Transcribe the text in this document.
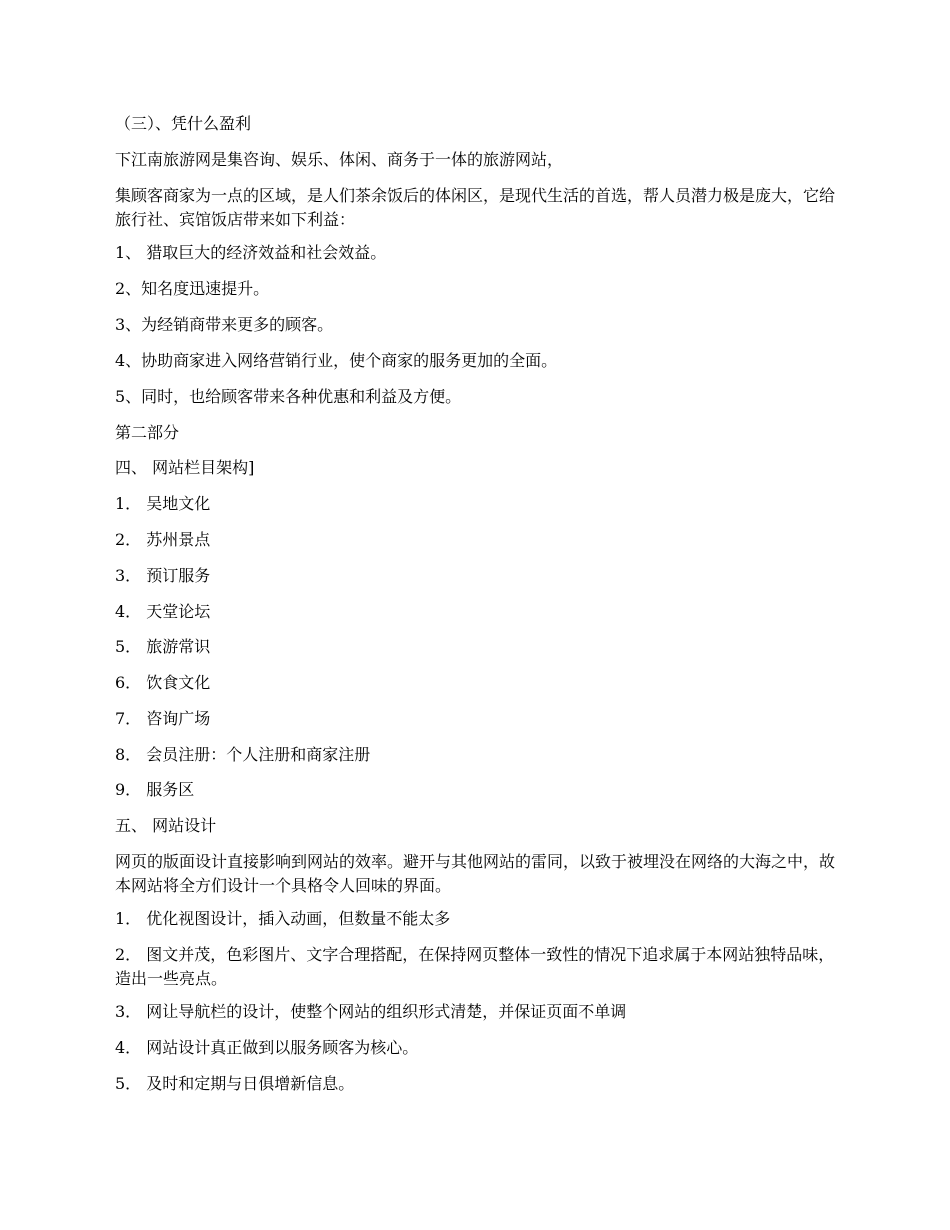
（三）、凭什么盈利
下江南旅游网是集咨询、娱乐、体闲、商务于一体的旅游网站，
集顾客商家为一点的区域，是人们茶余饭后的体闲区，是现代生活的首选，帮人员潜力极是庞大，它给旅行社、宾馆饭店带来如下利益：
1、 猎取巨大的经济效益和社会效益。
2、知名度迅速提升。
3、为经销商带来更多的顾客。
4、协助商家进入网络营销行业，使个商家的服务更加的全面。
5、同时，也给顾客带来各种优惠和利益及方便。
第二部分
四、 网站栏目架构]
1． 吴地文化
2． 苏州景点
3． 预订服务
4． 天堂论坛
5． 旅游常识
6． 饮食文化
7． 咨询广场
8． 会员注册：个人注册和商家注册
9． 服务区
五、 网站设计
网页的版面设计直接影响到网站的效率。避开与其他网站的雷同，以致于被埋没在网络的大海之中，故本网站将全方们设计一个具格令人回味的界面。
1． 优化视图设计，插入动画，但数量不能太多
2． 图文并茂，色彩图片、文字合理搭配，在保持网页整体一致性的情况下追求属于本网站独特品味，造出一些亮点。
3． 网让导航栏的设计，使整个网站的组织形式清楚，并保证页面不单调
4． 网站设计真正做到以服务顾客为核心。
5． 及时和定期与日俱增新信息。
